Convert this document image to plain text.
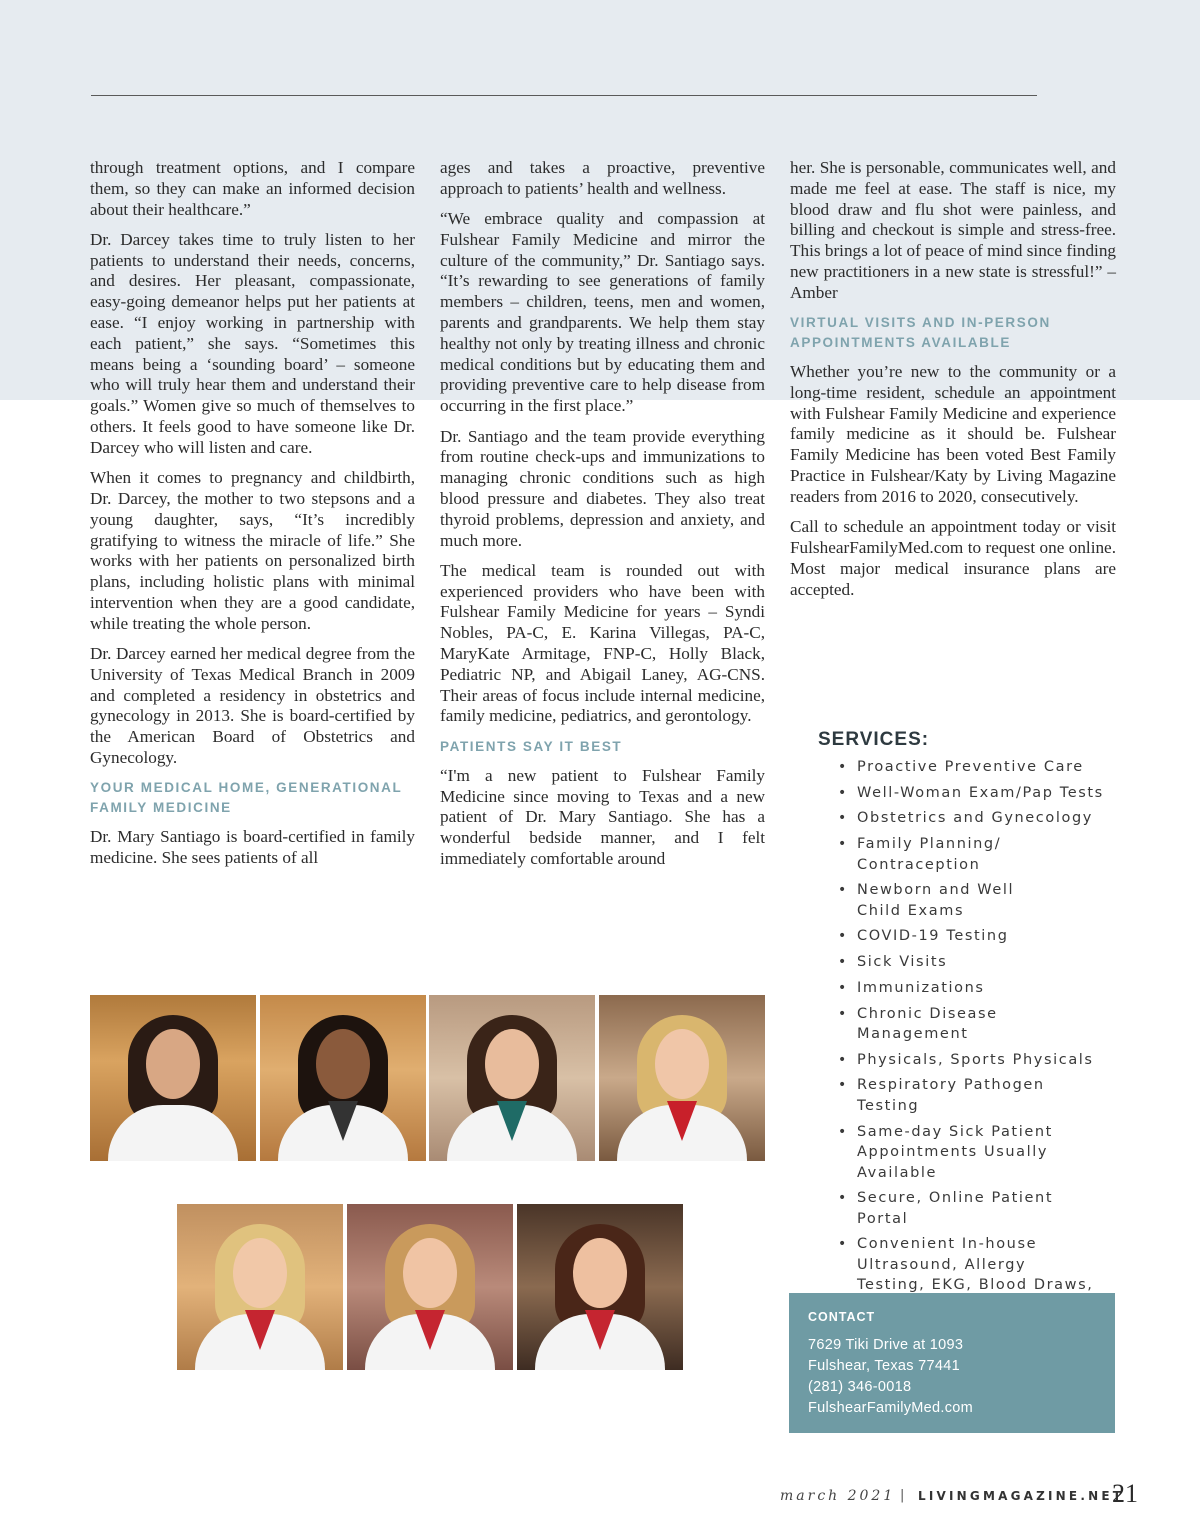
through treatment options, and I compare them, so they can make an informed decision about their healthcare.”

Dr. Darcey takes time to truly listen to her patients to understand their needs, concerns, and desires. Her pleasant, compassionate, easy-going demeanor helps put her patients at ease. “I enjoy working in partnership with each patient,” she says. “Sometimes this means being a ‘sounding board’ – someone who will truly hear them and understand their goals.” Women give so much of themselves to others. It feels good to have someone like Dr. Darcey who will listen and care.

When it comes to pregnancy and childbirth, Dr. Darcey, the mother to two stepsons and a young daughter, says, “It’s incredibly gratifying to witness the miracle of life.” She works with her patients on personalized birth plans, including holistic plans with minimal intervention when they are a good candidate, while treating the whole person.

Dr. Darcey earned her medical degree from the University of Texas Medical Branch in 2009 and completed a residency in obstetrics and gynecology in 2013. She is board-certified by the American Board of Obstetrics and Gynecology.

YOUR MEDICAL HOME, GENERATIONAL FAMILY MEDICINE

Dr. Mary Santiago is board-certified in family medicine. She sees patients of all

ages and takes a proactive, preventive approach to patients’ health and wellness.

“We embrace quality and compassion at Fulshear Family Medicine and mirror the culture of the community,” Dr. Santiago says. “It’s rewarding to see generations of family members – children, teens, men and women, parents and grandparents. We help them stay healthy not only by treating illness and chronic medical conditions but by educating them and providing preventive care to help disease from occurring in the first place.”

Dr. Santiago and the team provide everything from routine check-ups and immunizations to managing chronic conditions such as high blood pressure and diabetes. They also treat thyroid problems, depression and anxiety, and much more.

The medical team is rounded out with experienced providers who have been with Fulshear Family Medicine for years – Syndi Nobles, PA-C, E. Karina Villegas, PA-C, MaryKate Armitage, FNP-C, Holly Black, Pediatric NP, and Abigail Laney, AG-CNS. Their areas of focus include internal medicine, family medicine, pediatrics, and gerontology.

PATIENTS SAY IT BEST

“I'm a new patient to Fulshear Family Medicine since moving to Texas and a new patient of Dr. Mary Santiago. She has a wonderful bedside manner, and I felt immediately comfortable around

her. She is personable, communicates well, and made me feel at ease. The staff is nice, my blood draw and flu shot were painless, and billing and checkout is simple and stress-free. This brings a lot of peace of mind since finding new practitioners in a new state is stressful!” – Amber

VIRTUAL VISITS AND IN-PERSON APPOINTMENTS AVAILABLE

Whether you’re new to the community or a long-time resident, schedule an appointment with Fulshear Family Medicine and experience family medicine as it should be. Fulshear Family Medicine has been voted Best Family Practice in Fulshear/Katy by Living Magazine readers from 2016 to 2020, consecutively.

Call to schedule an appointment today or visit FulshearFamilyMed.com to request one online. Most major medical insurance plans are accepted.

SERVICES:
• Proactive Preventive Care
• Well-Woman Exam/Pap Tests
• Obstetrics and Gynecology
• Family Planning/ Contraception
• Newborn and Well Child Exams
• COVID-19 Testing
• Sick Visits
• Immunizations
• Chronic Disease Management
• Physicals, Sports Physicals
• Respiratory Pathogen Testing
• Same-day Sick Patient Appointments Usually Available
• Secure, Online Patient Portal
• Convenient In-house Ultrasound, Allergy Testing, EKG, Blood Draws,
CONTACT
7629 Tiki Drive at 1093
Fulshear, Texas 77441
(281) 346-0018
FulshearFamilyMed.com
march 2021 | LIVINGMAGAZINE.NET
21
